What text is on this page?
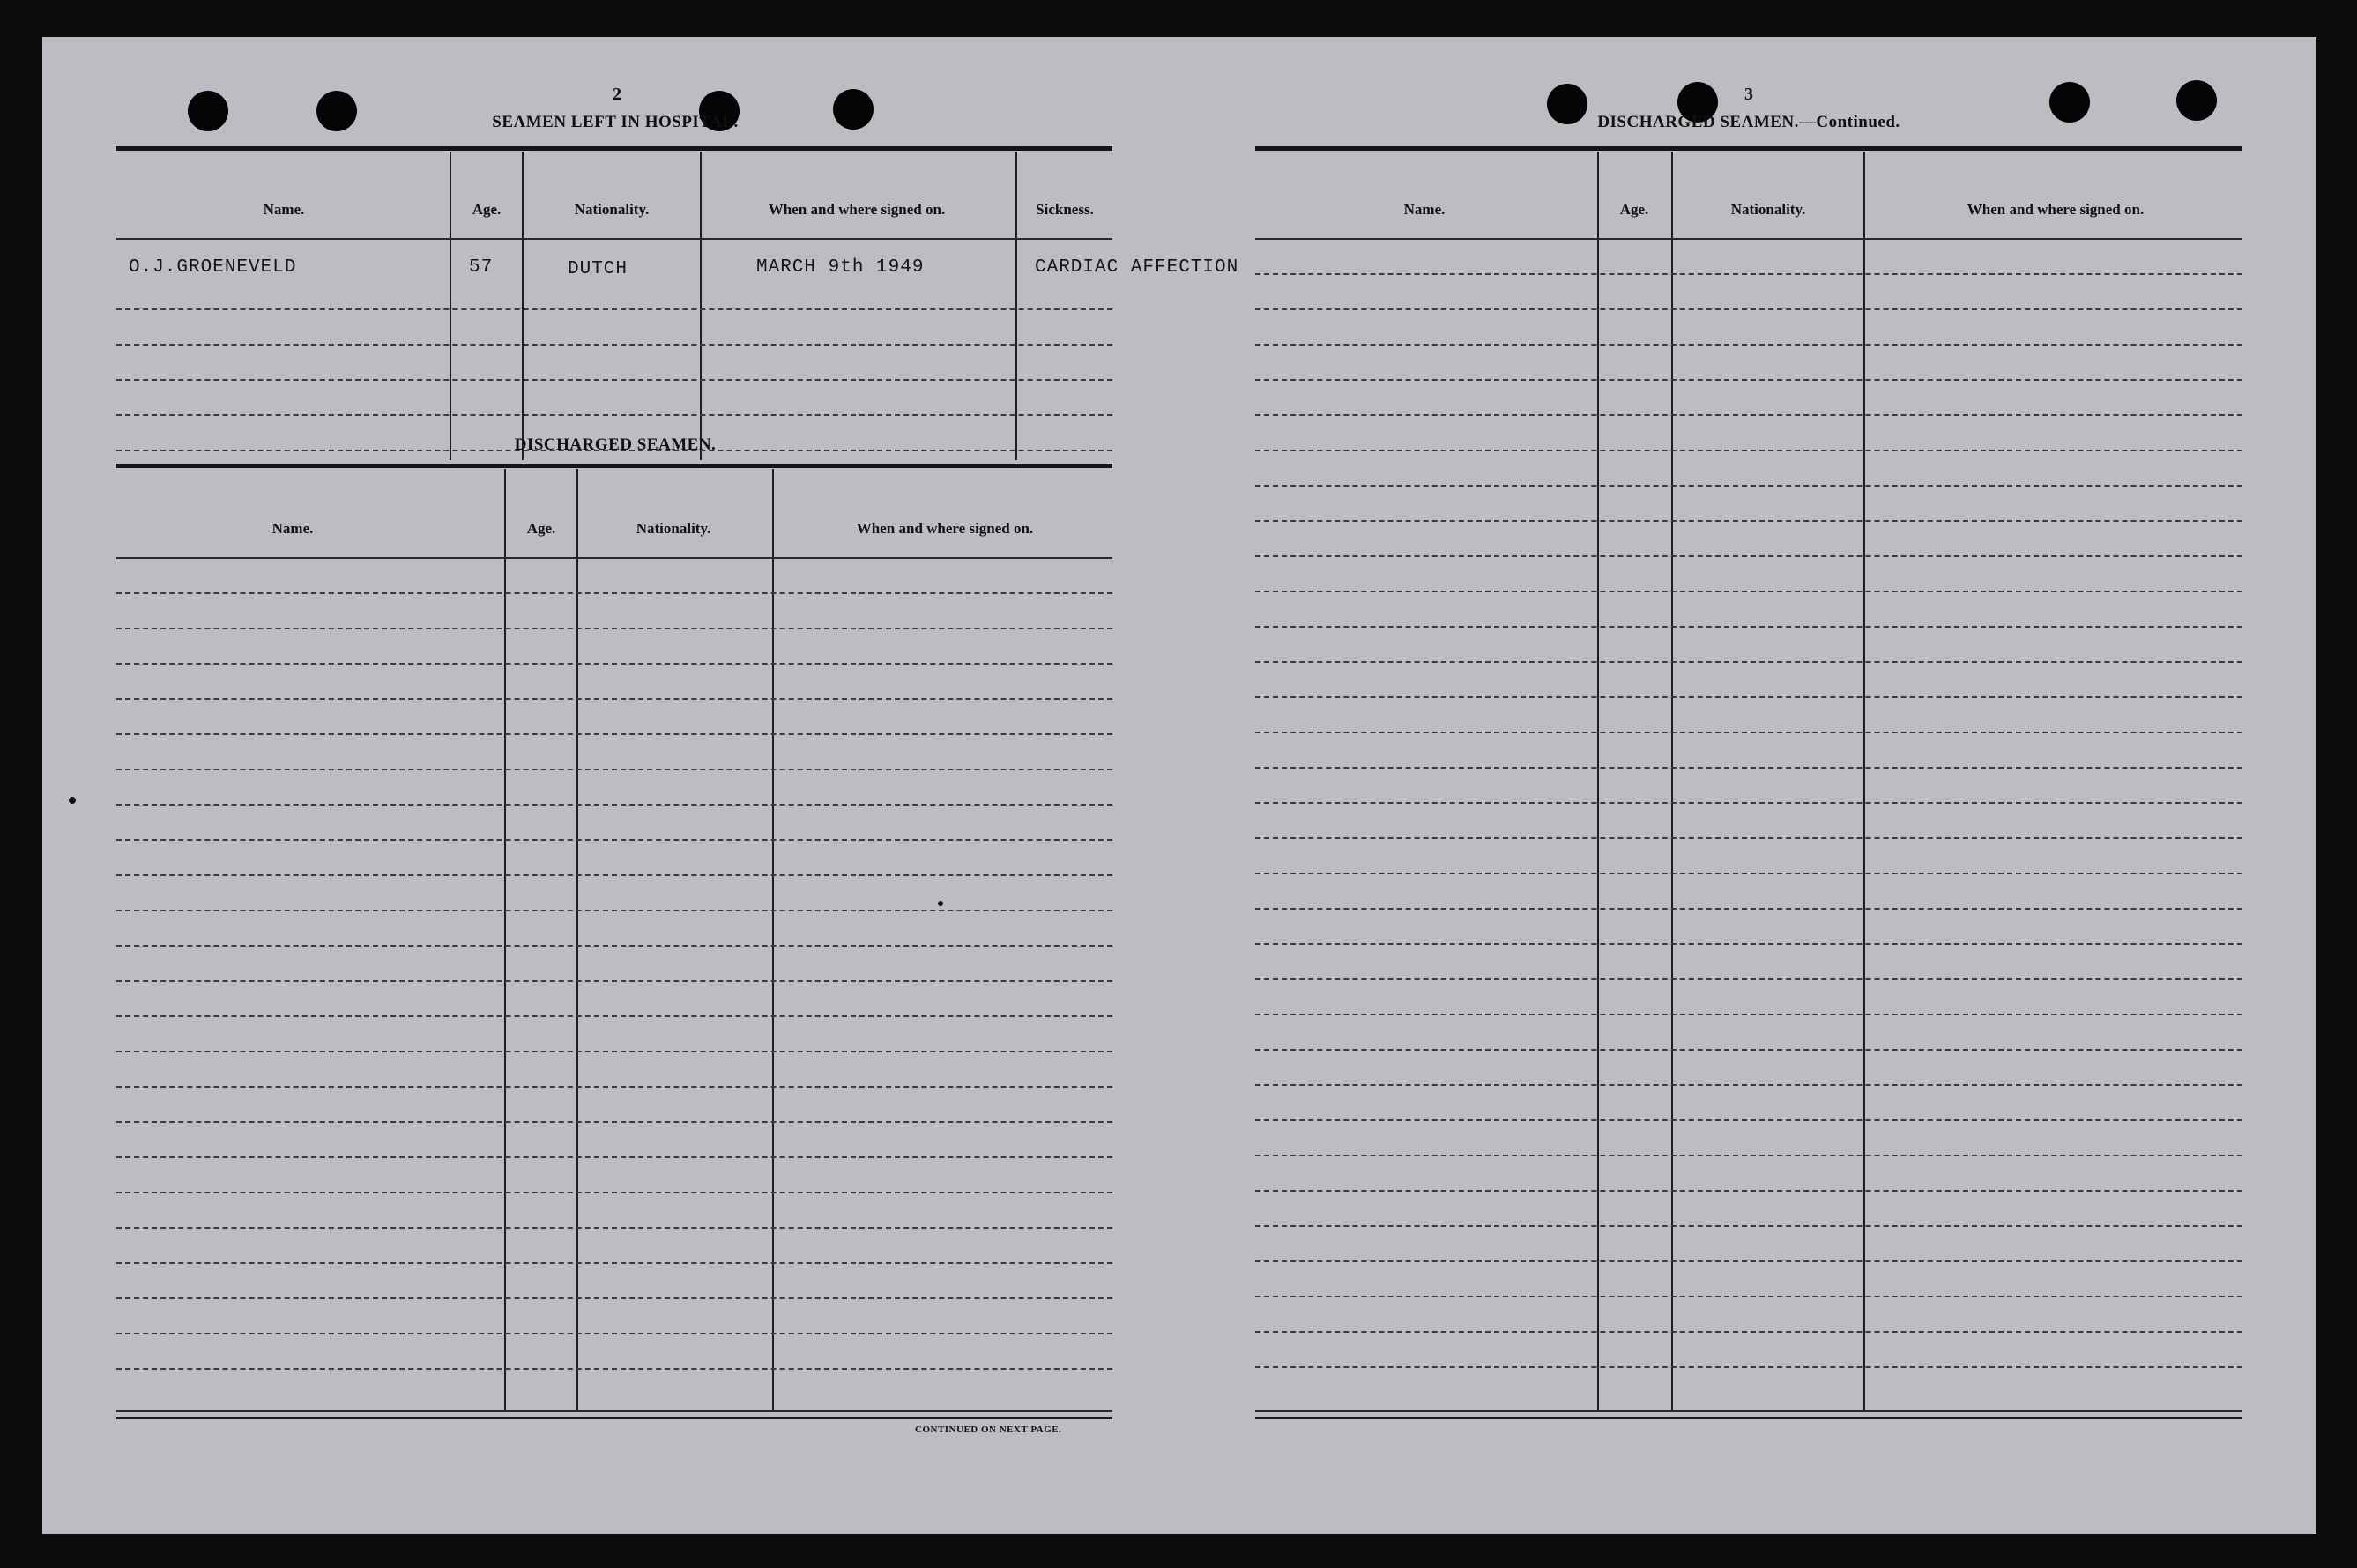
2
SEAMEN LEFT IN HOSPITAL.
Name.	Age.	Nationality.	When and where signed on.	Sickness.
O.J.GROENEVELD	57	DUTCH	MARCH 9th 1949	CARDIAC AFFECTION
DISCHARGED SEAMEN.
Name.	Age.	Nationality.	When and where signed on.
CONTINUED ON NEXT PAGE.
3
DISCHARGED SEAMEN.—Continued.
Name.	Age.	Nationality.	When and where signed on.
